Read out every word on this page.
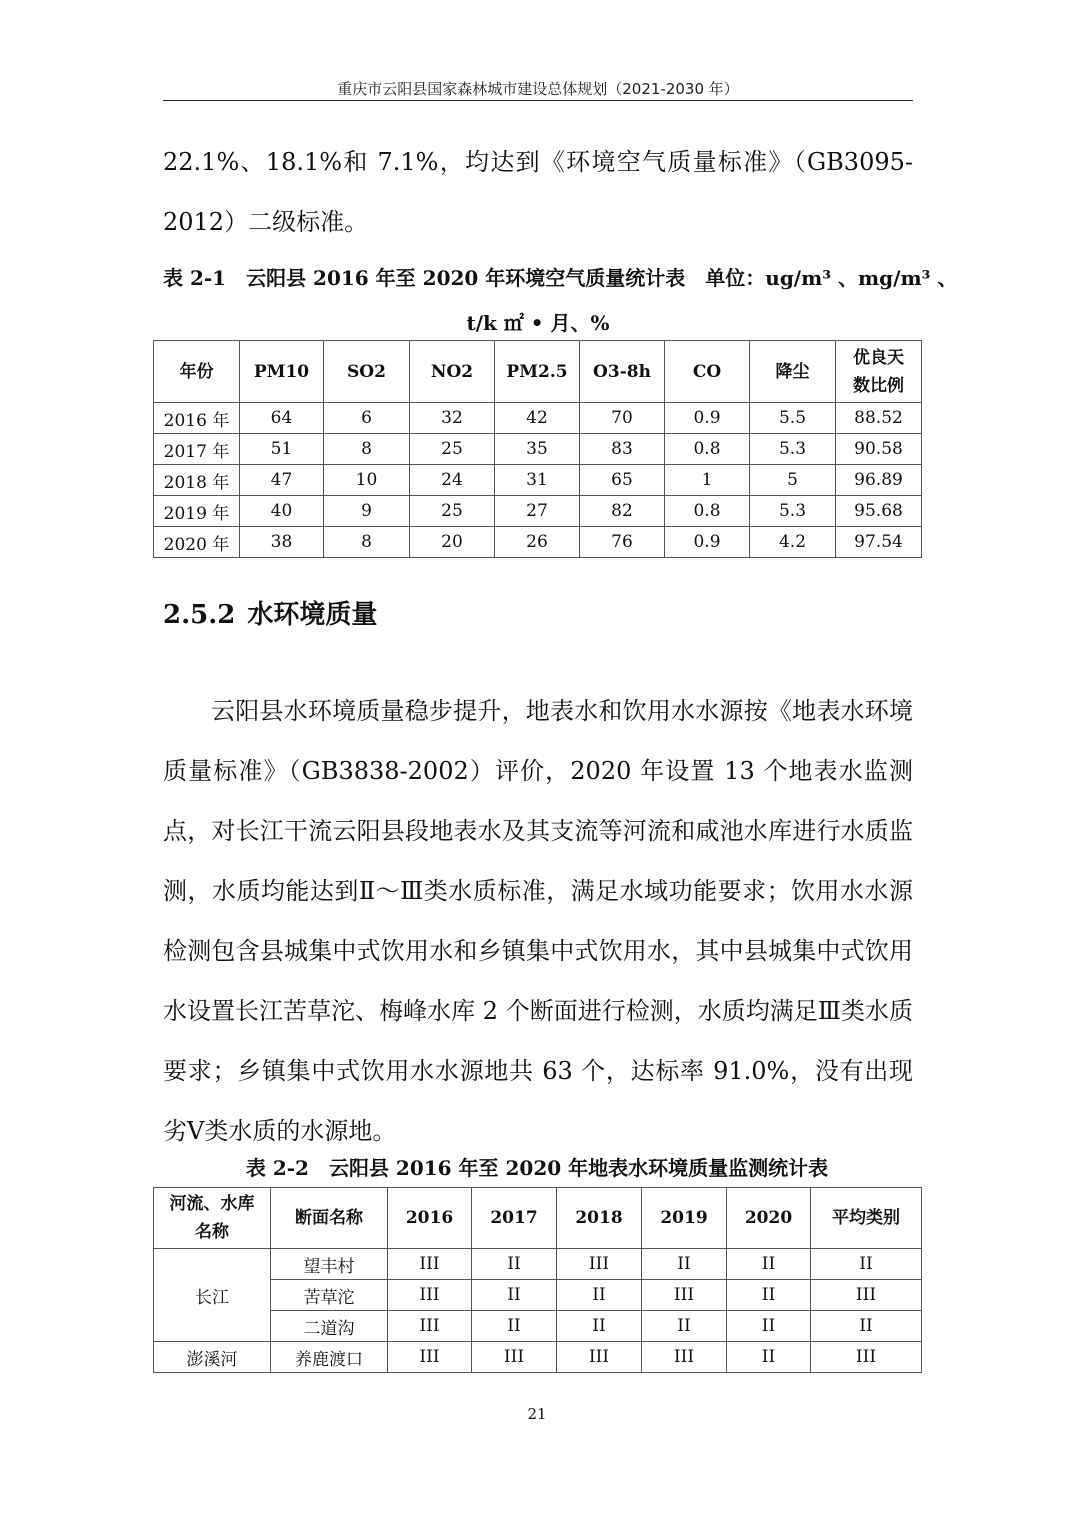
重庆市云阳县国家森林城市建设总体规划（2021-2030 年）
22.1%、18.1%和 7.1%，均达到《环境空气质量标准》（GB3095-2012）二级标准。
表 2-1　云阳县 2016 年至 2020 年环境空气质量统计表　单位：ug/m³ 、mg/m³ 、
t/k ㎡ • 月、%
年份	PM10	SO2	NO2	PM2.5	O3-8h	CO	降尘	优良天数比例
2016 年	64	6	32	42	70	0.9	5.5	88.52
2017 年	51	8	25	35	83	0.8	5.3	90.58
2018 年	47	10	24	31	65	1	5	96.89
2019 年	40	9	25	27	82	0.8	5.3	95.68
2020 年	38	8	20	26	76	0.9	4.2	97.54
2.5.2 水环境质量
云阳县水环境质量稳步提升，地表水和饮用水水源按《地表水环境质量标准》（GB3838-2002）评价，2020 年设置 13 个地表水监测点，对长江干流云阳县段地表水及其支流等河流和咸池水库进行水质监测，水质均能达到Ⅱ～Ⅲ类水质标准，满足水域功能要求；饮用水水源检测包含县城集中式饮用水和乡镇集中式饮用水，其中县城集中式饮用水设置长江苦草沱、梅峰水库 2 个断面进行检测，水质均满足Ⅲ类水质要求；乡镇集中式饮用水水源地共 63 个，达标率 91.0%，没有出现劣Ⅴ类水质的水源地。
表 2-2　云阳县 2016 年至 2020 年地表水环境质量监测统计表
河流、水库名称	断面名称	2016	2017	2018	2019	2020	平均类别
长江	望丰村	III	II	III	II	II	II
	苦草沱	III	II	II	III	II	III
	二道沟	III	II	II	II	II	II
澎溪河	养鹿渡口	III	III	III	III	II	III
21
